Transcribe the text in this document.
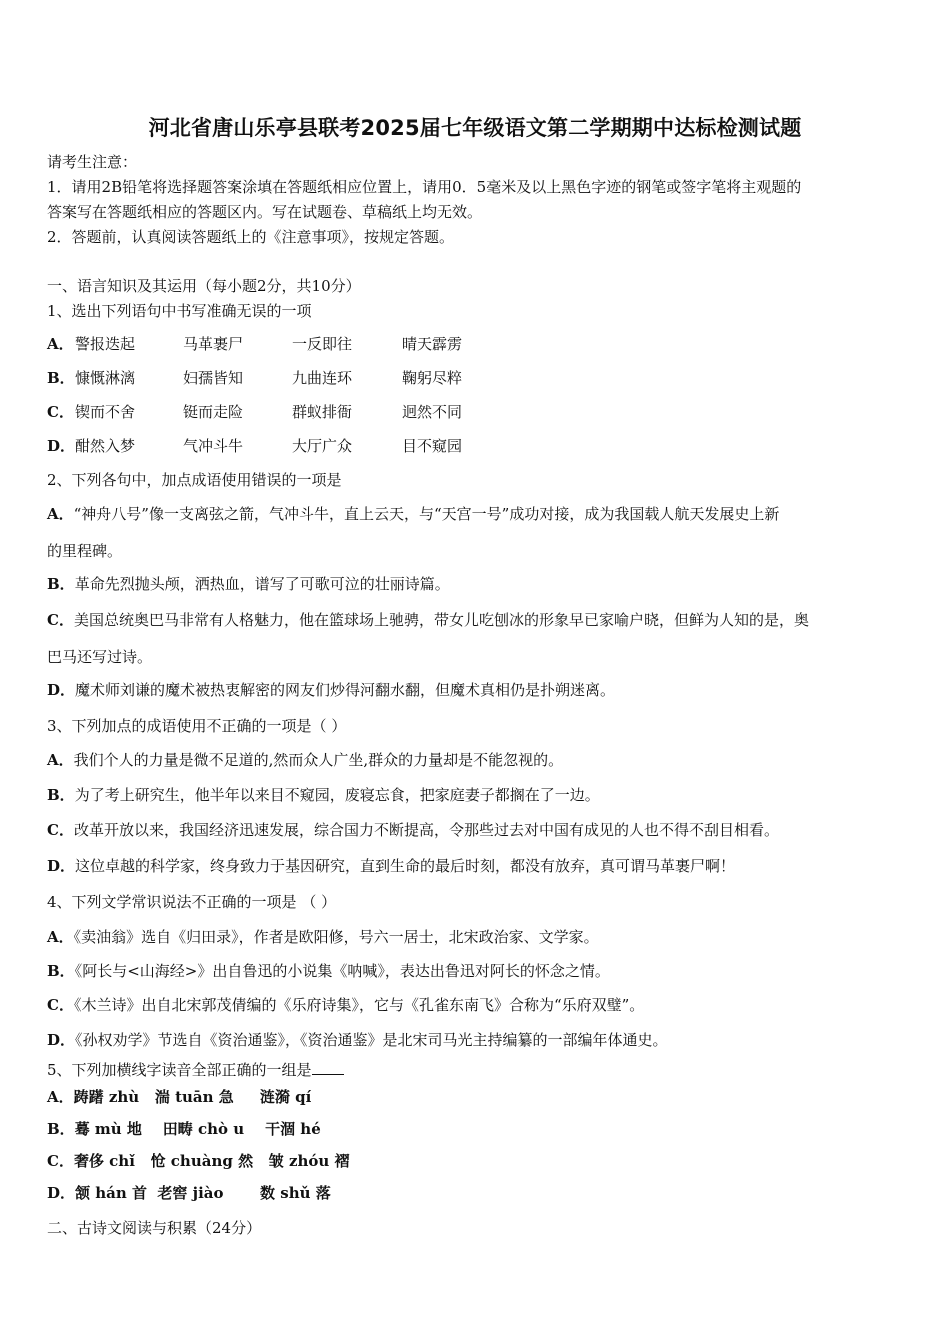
河北省唐山乐亭县联考2025届七年级语文第二学期期中达标检测试题
请考生注意：
1．请用2B铅笔将选择题答案涂填在答题纸相应位置上，请用0．5毫米及以上黑色字迹的钢笔或签字笔将主观题的
答案写在答题纸相应的答题区内。写在试题卷、草稿纸上均无效。
2．答题前，认真阅读答题纸上的《注意事项》，按规定答题。
一、语言知识及其运用（每小题2分，共10分）
1、选出下列语句中书写准确无误的一项
A． 警报迭起	马革裹尸	一反即往	晴天霹雳
B． 慷慨淋漓	妇孺皆知	九曲连环	鞠躬尽粹
C． 锲而不舍	铤而走险	群蚁排衙	迥然不同
D． 酣然入梦	气冲斗牛	大厅广众	目不窥园
2、下列各句中，加点成语使用错误的一项是
A．“神舟八号”像一支离弦之箭，气冲斗牛，直上云天，与“天宫一号”成功对接，成为我国载人航天发展史上新
的里程碑。
B．革命先烈抛头颅，洒热血，谱写了可歌可泣的壮丽诗篇。
C．美国总统奥巴马非常有人格魅力，他在篮球场上驰骋，带女儿吃刨冰的形象早已家喻户晓，但鲜为人知的是，奥
巴马还写过诗。
D．魔术师刘谦的魔术被热衷解密的网友们炒得河翻水翻，但魔术真相仍是扑朔迷离。
3、下列加点的成语使用不正确的一项是（ ）
A．我们个人的力量是微不足道的,然而众人广坐,群众的力量却是不能忽视的。
B．为了考上研究生，他半年以来目不窥园，废寝忘食，把家庭妻子都搁在了一边。
C．改革开放以来，我国经济迅速发展，综合国力不断提高，令那些过去对中国有成见的人也不得不刮目相看。
D．这位卓越的科学家，终身致力于基因研究，直到生命的最后时刻，都没有放弃，真可谓马革裹尸啊！
4、下列文学常识说法不正确的一项是 （ ）
A．《卖油翁》选自《归田录》，作者是欧阳修，号六一居士，北宋政治家、文学家。
B．《阿长与<山海经>》出自鲁迅的小说集《呐喊》，表达出鲁迅对阿长的怀念之情。
C．《木兰诗》出自北宋郭茂倩编的《乐府诗集》，它与《孔雀东南飞》合称为“乐府双璧”。
D．《孙权劝学》节选自《资治通鉴》，《资治通鉴》是北宋司马光主持编纂的一部编年体通史。
5、下列加横线字读音全部正确的一组是
A．踌躇 zhù   湍 tuān 急     涟漪 qí
B．蓦 mù 地    田畴 chò u    干涸 hé
C．奢侈 chǐ   怆 chuàng 然   皱 zhóu 褶
D．颔 hán 首  老窖 jiào       数 shǔ 落
二、古诗文阅读与积累（24分）
